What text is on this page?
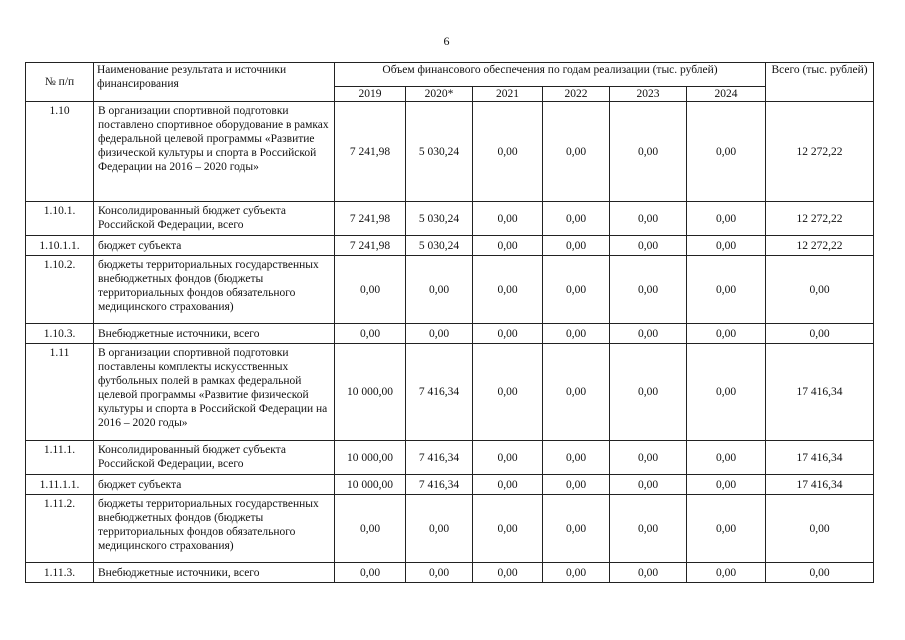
6
№ п/п	Наименование результата и источники финансирования	Объем финансового обеспечения по годам реализации (тыс. рублей)						Всего (тыс. рублей)
		2019	2020*	2021	2022	2023	2024	
1.10	В организации спортивной подготовки поставлено спортивное оборудование в рамках федеральной целевой программы «Развитие физической культуры и спорта в Российской Федерации на 2016 – 2020 годы»	7 241,98	5 030,24	0,00	0,00	0,00	0,00	12 272,22
1.10.1.	Консолидированный бюджет субъекта Российской Федерации, всего	7 241,98	5 030,24	0,00	0,00	0,00	0,00	12 272,22
1.10.1.1.	бюджет субъекта	7 241,98	5 030,24	0,00	0,00	0,00	0,00	12 272,22
1.10.2.	бюджеты территориальных государственных внебюджетных фондов (бюджеты территориальных фондов обязательного медицинского страхования)	0,00	0,00	0,00	0,00	0,00	0,00	0,00
1.10.3.	Внебюджетные источники, всего	0,00	0,00	0,00	0,00	0,00	0,00	0,00
1.11	В организации спортивной подготовки поставлены комплекты искусственных футбольных полей в рамках федеральной целевой программы «Развитие физической культуры и спорта в Российской Федерации на 2016 – 2020 годы»	10 000,00	7 416,34	0,00	0,00	0,00	0,00	17 416,34
1.11.1.	Консолидированный бюджет субъекта Российской Федерации, всего	10 000,00	7 416,34	0,00	0,00	0,00	0,00	17 416,34
1.11.1.1.	бюджет субъекта	10 000,00	7 416,34	0,00	0,00	0,00	0,00	17 416,34
1.11.2.	бюджеты территориальных государственных внебюджетных фондов (бюджеты территориальных фондов обязательного медицинского страхования)	0,00	0,00	0,00	0,00	0,00	0,00	0,00
1.11.3.	Внебюджетные источники, всего	0,00	0,00	0,00	0,00	0,00	0,00	0,00
